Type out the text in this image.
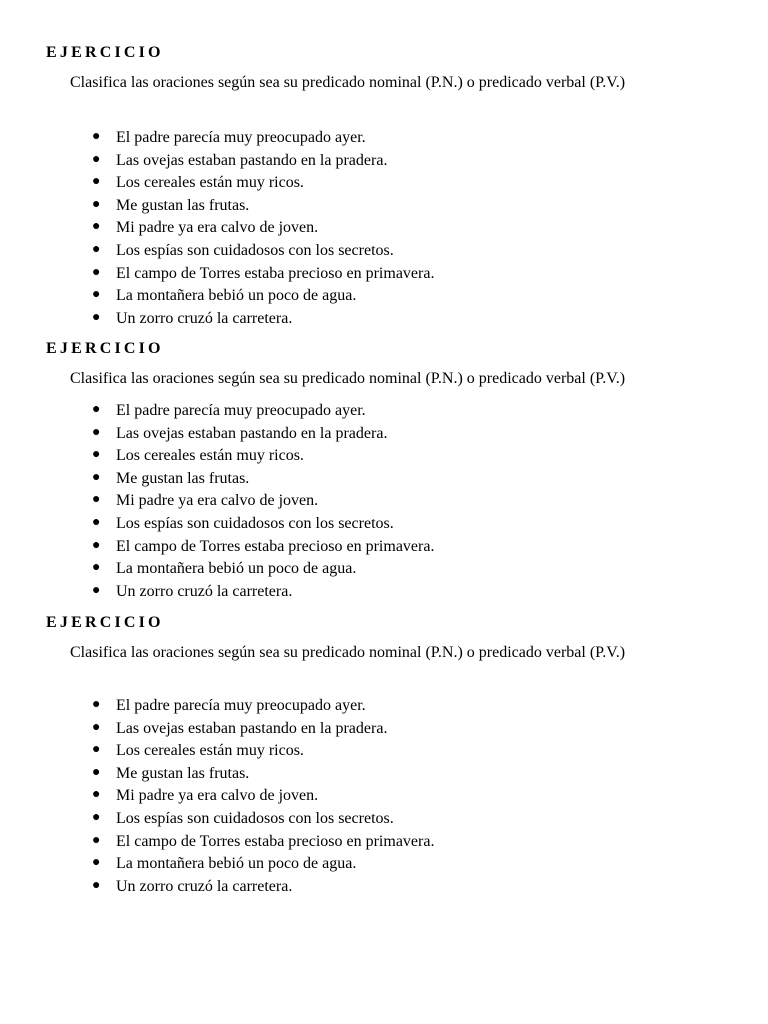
EJERCICIO
Clasifica las oraciones según sea su predicado nominal (P.N.) o predicado verbal (P.V.)
● El padre parecía muy preocupado ayer.
● Las ovejas estaban pastando en la pradera.
● Los cereales están muy ricos.
● Me gustan las frutas.
● Mi padre ya era calvo de joven.
● Los espías son cuidadosos con los secretos.
● El campo de Torres estaba precioso en primavera.
● La montañera bebió un poco de agua.
● Un zorro cruzó la carretera.
EJERCICIO
Clasifica las oraciones según sea su predicado nominal (P.N.) o predicado verbal (P.V.)
● El padre parecía muy preocupado ayer.
● Las ovejas estaban pastando en la pradera.
● Los cereales están muy ricos.
● Me gustan las frutas.
● Mi padre ya era calvo de joven.
● Los espías son cuidadosos con los secretos.
● El campo de Torres estaba precioso en primavera.
● La montañera bebió un poco de agua.
● Un zorro cruzó la carretera.
EJERCICIO
Clasifica las oraciones según sea su predicado nominal (P.N.) o predicado verbal (P.V.)
● El padre parecía muy preocupado ayer.
● Las ovejas estaban pastando en la pradera.
● Los cereales están muy ricos.
● Me gustan las frutas.
● Mi padre ya era calvo de joven.
● Los espías son cuidadosos con los secretos.
● El campo de Torres estaba precioso en primavera.
● La montañera bebió un poco de agua.
● Un zorro cruzó la carretera.
